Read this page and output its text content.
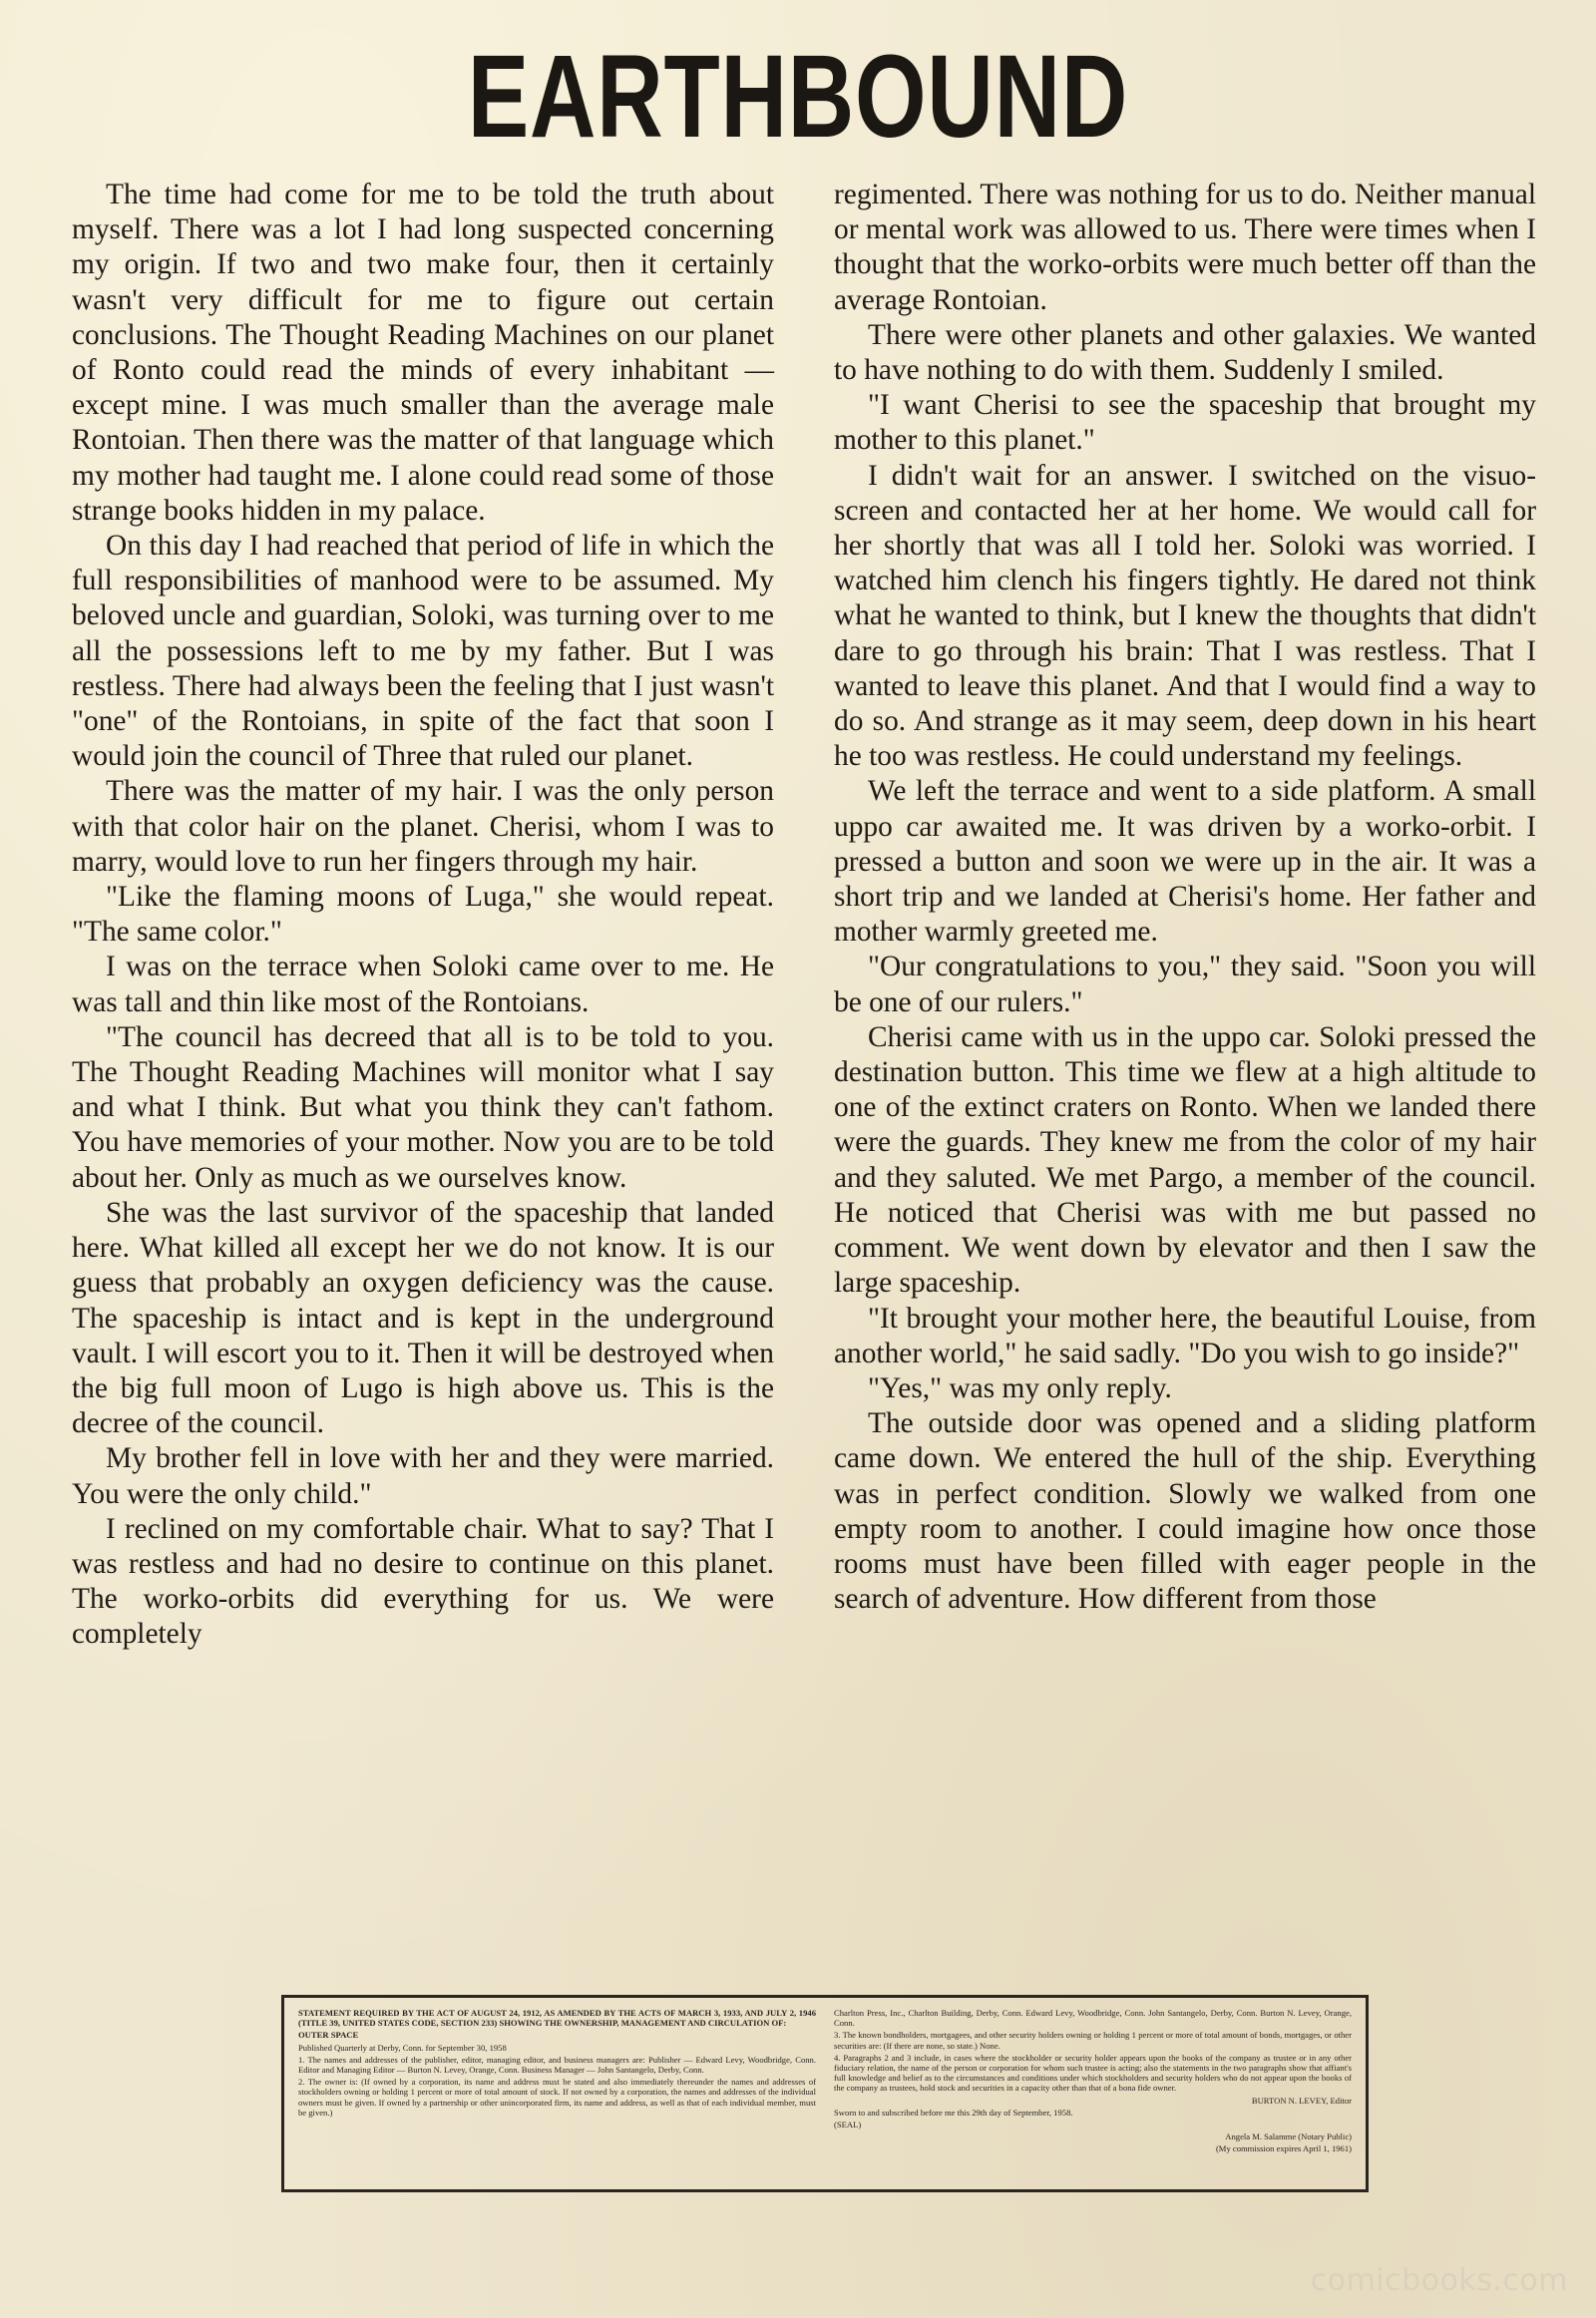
EARTHBOUND

The time had come for me to be told the truth about myself. There was a lot I had long suspected concerning my origin. If two and two make four, then it certainly wasn't very difficult for me to figure out certain conclusions. The Thought Reading Machines on our planet of Ronto could read the minds of every inhabitant — except mine. I was much smaller than the average male Rontoian. Then there was the matter of that language which my mother had taught me. I alone could read some of those strange books hidden in my palace.

On this day I had reached that period of life in which the full responsibilities of manhood were to be assumed. My beloved uncle and guardian, Soloki, was turning over to me all the possessions left to me by my father. But I was restless. There had always been the feeling that I just wasn't "one" of the Rontoians, in spite of the fact that soon I would join the council of Three that ruled our planet.

There was the matter of my hair. I was the only person with that color hair on the planet. Cherisi, whom I was to marry, would love to run her fingers through my hair.

"Like the flaming moons of Luga," she would repeat. "The same color."

I was on the terrace when Soloki came over to me. He was tall and thin like most of the Rontoians.

"The council has decreed that all is to be told to you. The Thought Reading Machines will monitor what I say and what I think. But what you think they can't fathom. You have memories of your mother. Now you are to be told about her. Only as much as we ourselves know.

She was the last survivor of the spaceship that landed here. What killed all except her we do not know. It is our guess that probably an oxygen deficiency was the cause. The spaceship is intact and is kept in the underground vault. I will escort you to it. Then it will be destroyed when the big full moon of Lugo is high above us. This is the decree of the council.

My brother fell in love with her and they were married. You were the only child."

I reclined on my comfortable chair. What to say? That I was restless and had no desire to continue on this planet. The worko-orbits did everything for us. We were completely

regimented. There was nothing for us to do. Neither manual or mental work was allowed to us. There were times when I thought that the worko-orbits were much better off than the average Rontoian.

There were other planets and other galaxies. We wanted to have nothing to do with them. Suddenly I smiled.

"I want Cherisi to see the spaceship that brought my mother to this planet."

I didn't wait for an answer. I switched on the visuo-screen and contacted her at her home. We would call for her shortly that was all I told her. Soloki was worried. I watched him clench his fingers tightly. He dared not think what he wanted to think, but I knew the thoughts that didn't dare to go through his brain: That I was restless. That I wanted to leave this planet. And that I would find a way to do so. And strange as it may seem, deep down in his heart he too was restless. He could understand my feelings.

We left the terrace and went to a side platform. A small uppo car awaited me. It was driven by a worko-orbit. I pressed a button and soon we were up in the air. It was a short trip and we landed at Cherisi's home. Her father and mother warmly greeted me.

"Our congratulations to you," they said. "Soon you will be one of our rulers."

Cherisi came with us in the uppo car. Soloki pressed the destination button. This time we flew at a high altitude to one of the extinct craters on Ronto. When we landed there were the guards. They knew me from the color of my hair and they saluted. We met Pargo, a member of the council. He noticed that Cherisi was with me but passed no comment. We went down by elevator and then I saw the large spaceship.

"It brought your mother here, the beautiful Louise, from another world," he said sadly. "Do you wish to go inside?"

"Yes," was my only reply.

The outside door was opened and a sliding platform came down. We entered the hull of the ship. Everything was in perfect condition. Slowly we walked from one empty room to another. I could imagine how once those rooms must have been filled with eager people in the search of adventure. How different from those

STATEMENT REQUIRED BY THE ACT OF AUGUST 24, 1912, AS AMENDED BY THE ACTS OF MARCH 3, 1933, AND JULY 2, 1946 (TITLE 39, UNITED STATES CODE, SECTION 233) SHOWING THE OWNERSHIP, MANAGEMENT AND CIRCULATION OF:

OUTER SPACE

Published Quarterly at Derby, Conn. for September 30, 1958

1. The names and addresses of the publisher, editor, managing editor, and business managers are: Publisher — Edward Levy, Woodbridge, Conn. Editor and Managing Editor — Burton N. Levey, Orange, Conn. Business Manager — John Santangelo, Derby, Conn.

2. The owner is: (If owned by a corporation, its name and address must be stated and also immediately thereunder the names and addresses of stockholders owning or holding 1 percent or more of total amount of stock. If not owned by a corporation, the names and addresses of the individual owners must be given. If owned by a partnership or other unincorporated firm, its name and address, as well as that of each individual member, must be given.)

Charlton Press, Inc., Charlton Building, Derby, Conn. Edward Levy, Woodbridge, Conn. John Santangelo, Derby, Conn. Burton N. Levey, Orange, Conn.

3. The known bondholders, mortgagees, and other security holders owning or holding 1 percent or more of total amount of bonds, mortgages, or other securities are: (If there are none, so state.) None.

4. Paragraphs 2 and 3 include, in cases where the stockholder or security holder appears upon the books of the company as trustee or in any other fiduciary relation, the name of the person or corporation for whom such trustee is acting; also the statements in the two paragraphs show that affiant's full knowledge and belief as to the circumstances and conditions under which stockholders and security holders who do not appear upon the books of the company as trustees, hold stock and securities in a capacity other than that of a bona fide owner.

BURTON N. LEVEY, Editor

Sworn to and subscribed before me this 29th day of September, 1958.

(SEAL)

Angela M. Salamme (Notary Public)

(My commission expires April 1, 1961)

comicbooks.com
